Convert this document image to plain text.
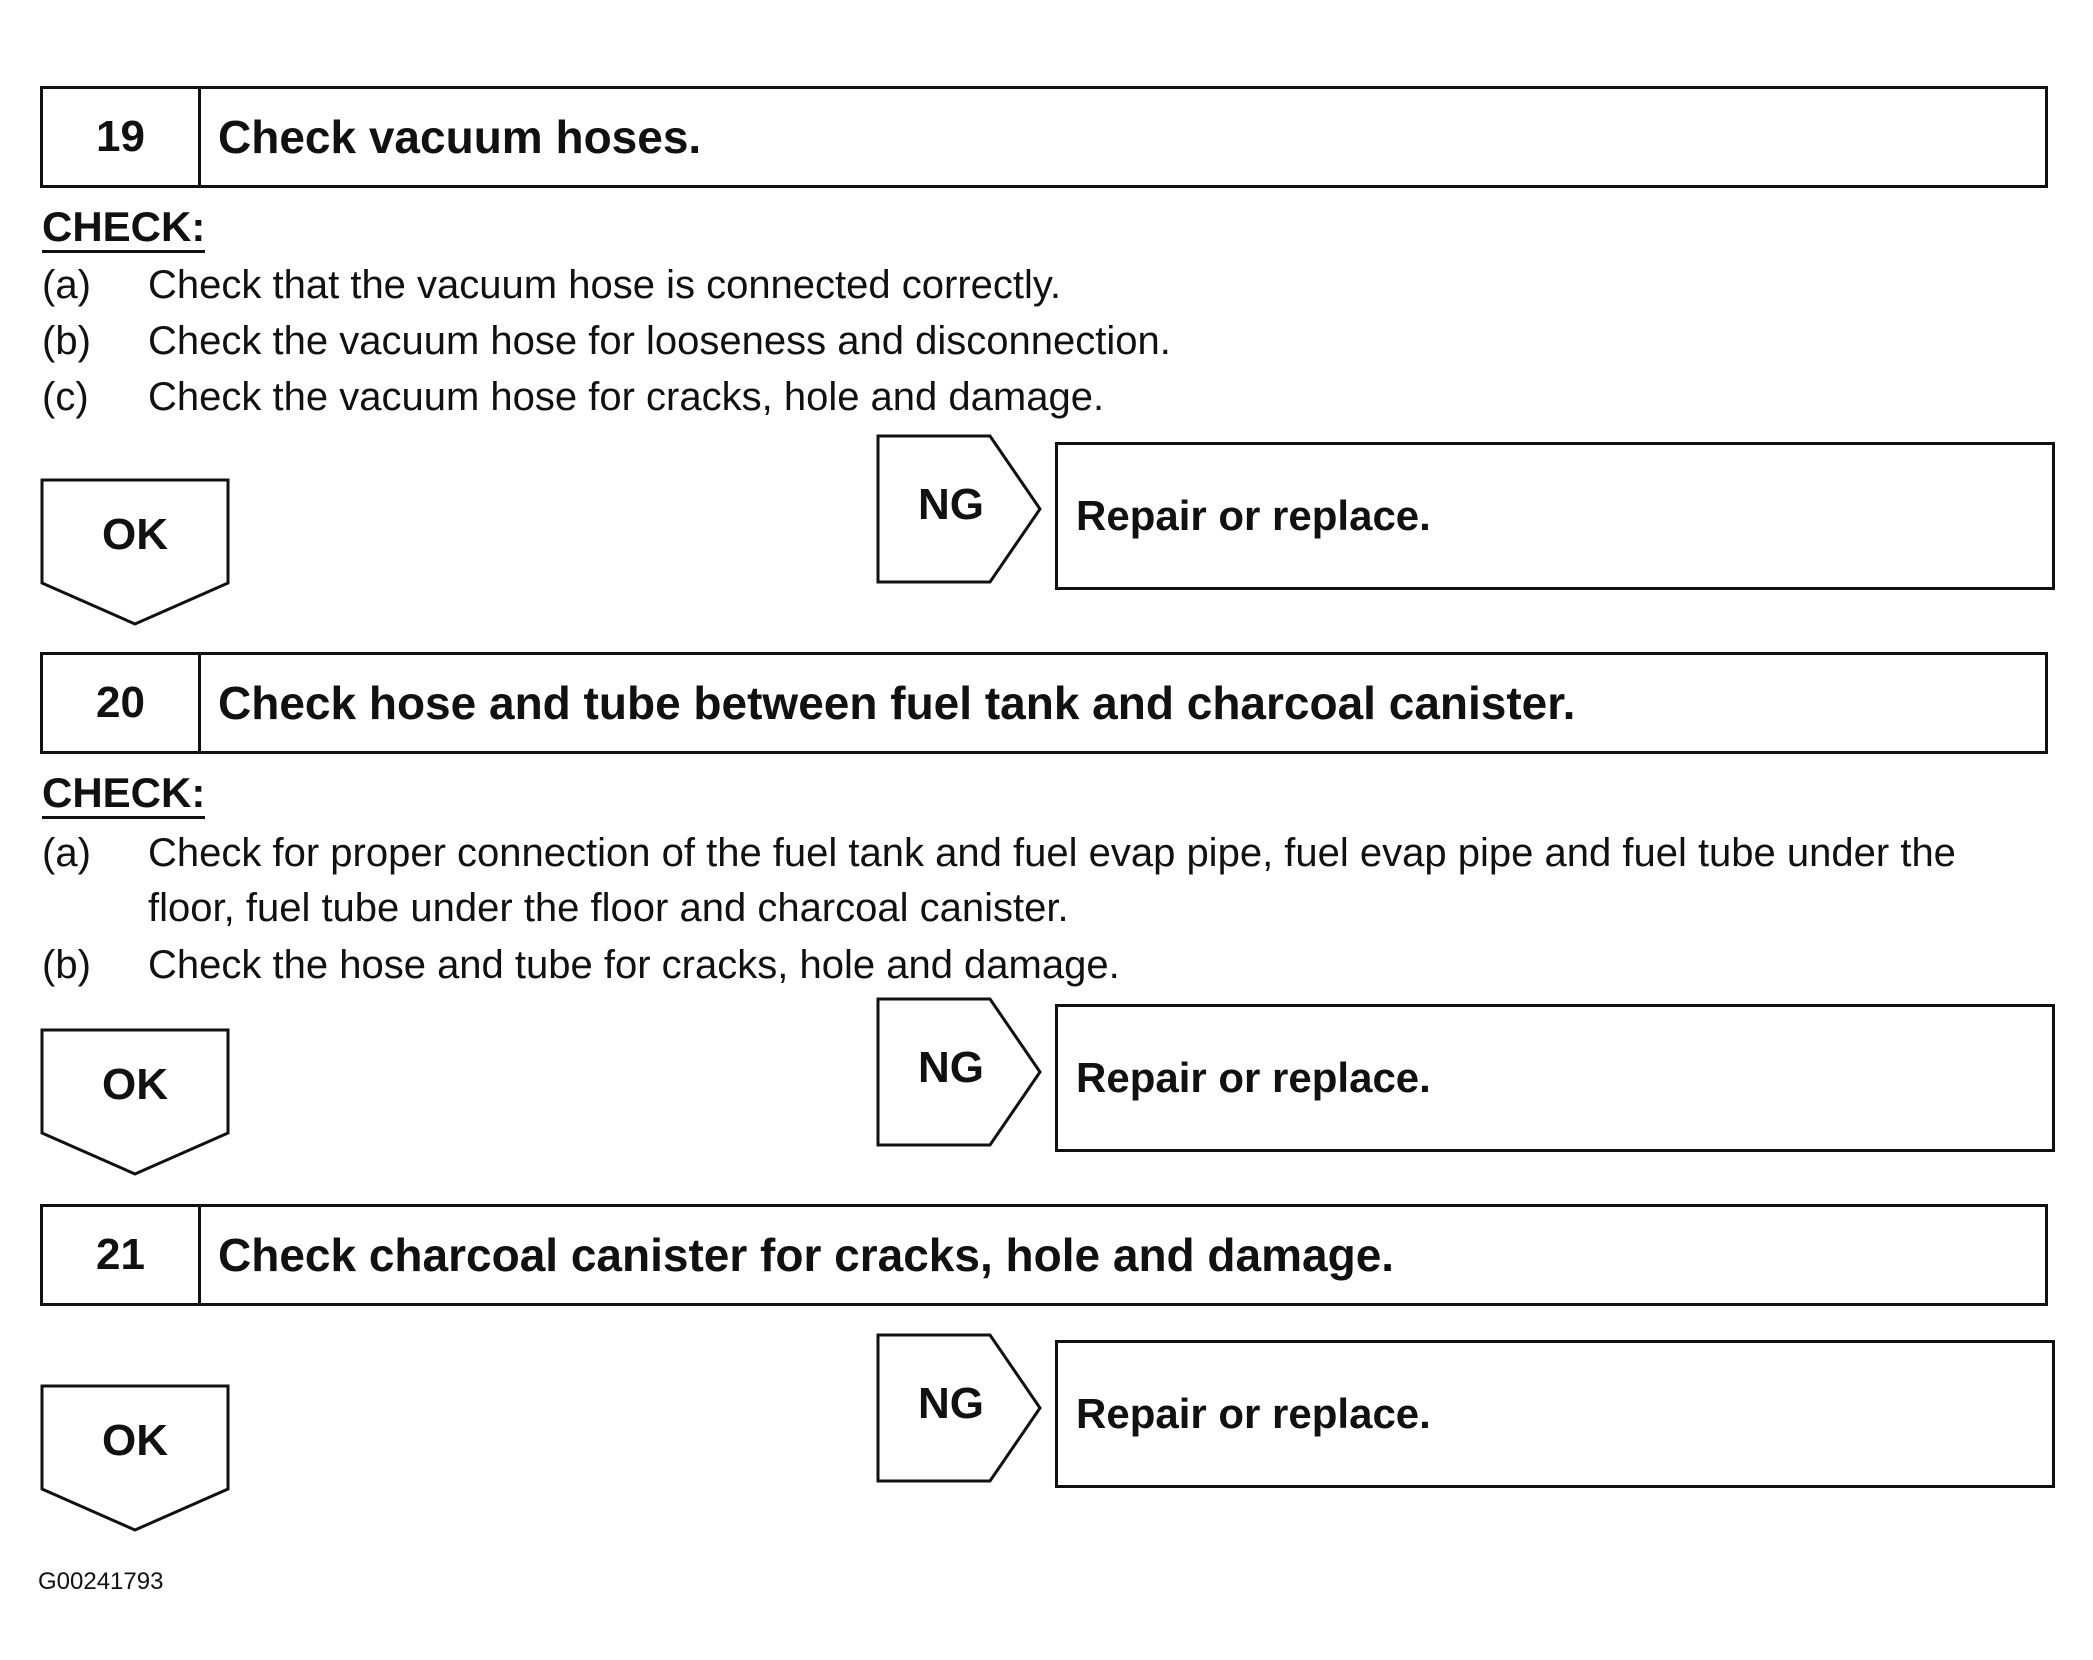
19	Check vacuum hoses.
CHECK:
(a) Check that the vacuum hose is connected correctly.
(b) Check the vacuum hose for looseness and disconnection.
(c) Check the vacuum hose for cracks, hole and damage.
OK
NG	Repair or replace.
20	Check hose and tube between fuel tank and charcoal canister.
CHECK:
(a) Check for proper connection of the fuel tank and fuel evap pipe, fuel evap pipe and fuel tube under the floor, fuel tube under the floor and charcoal canister.
(b) Check the hose and tube for cracks, hole and damage.
OK	NG	Repair or replace.
21	Check charcoal canister for cracks, hole and damage.
OK
NG	Repair or replace.
G00241793
